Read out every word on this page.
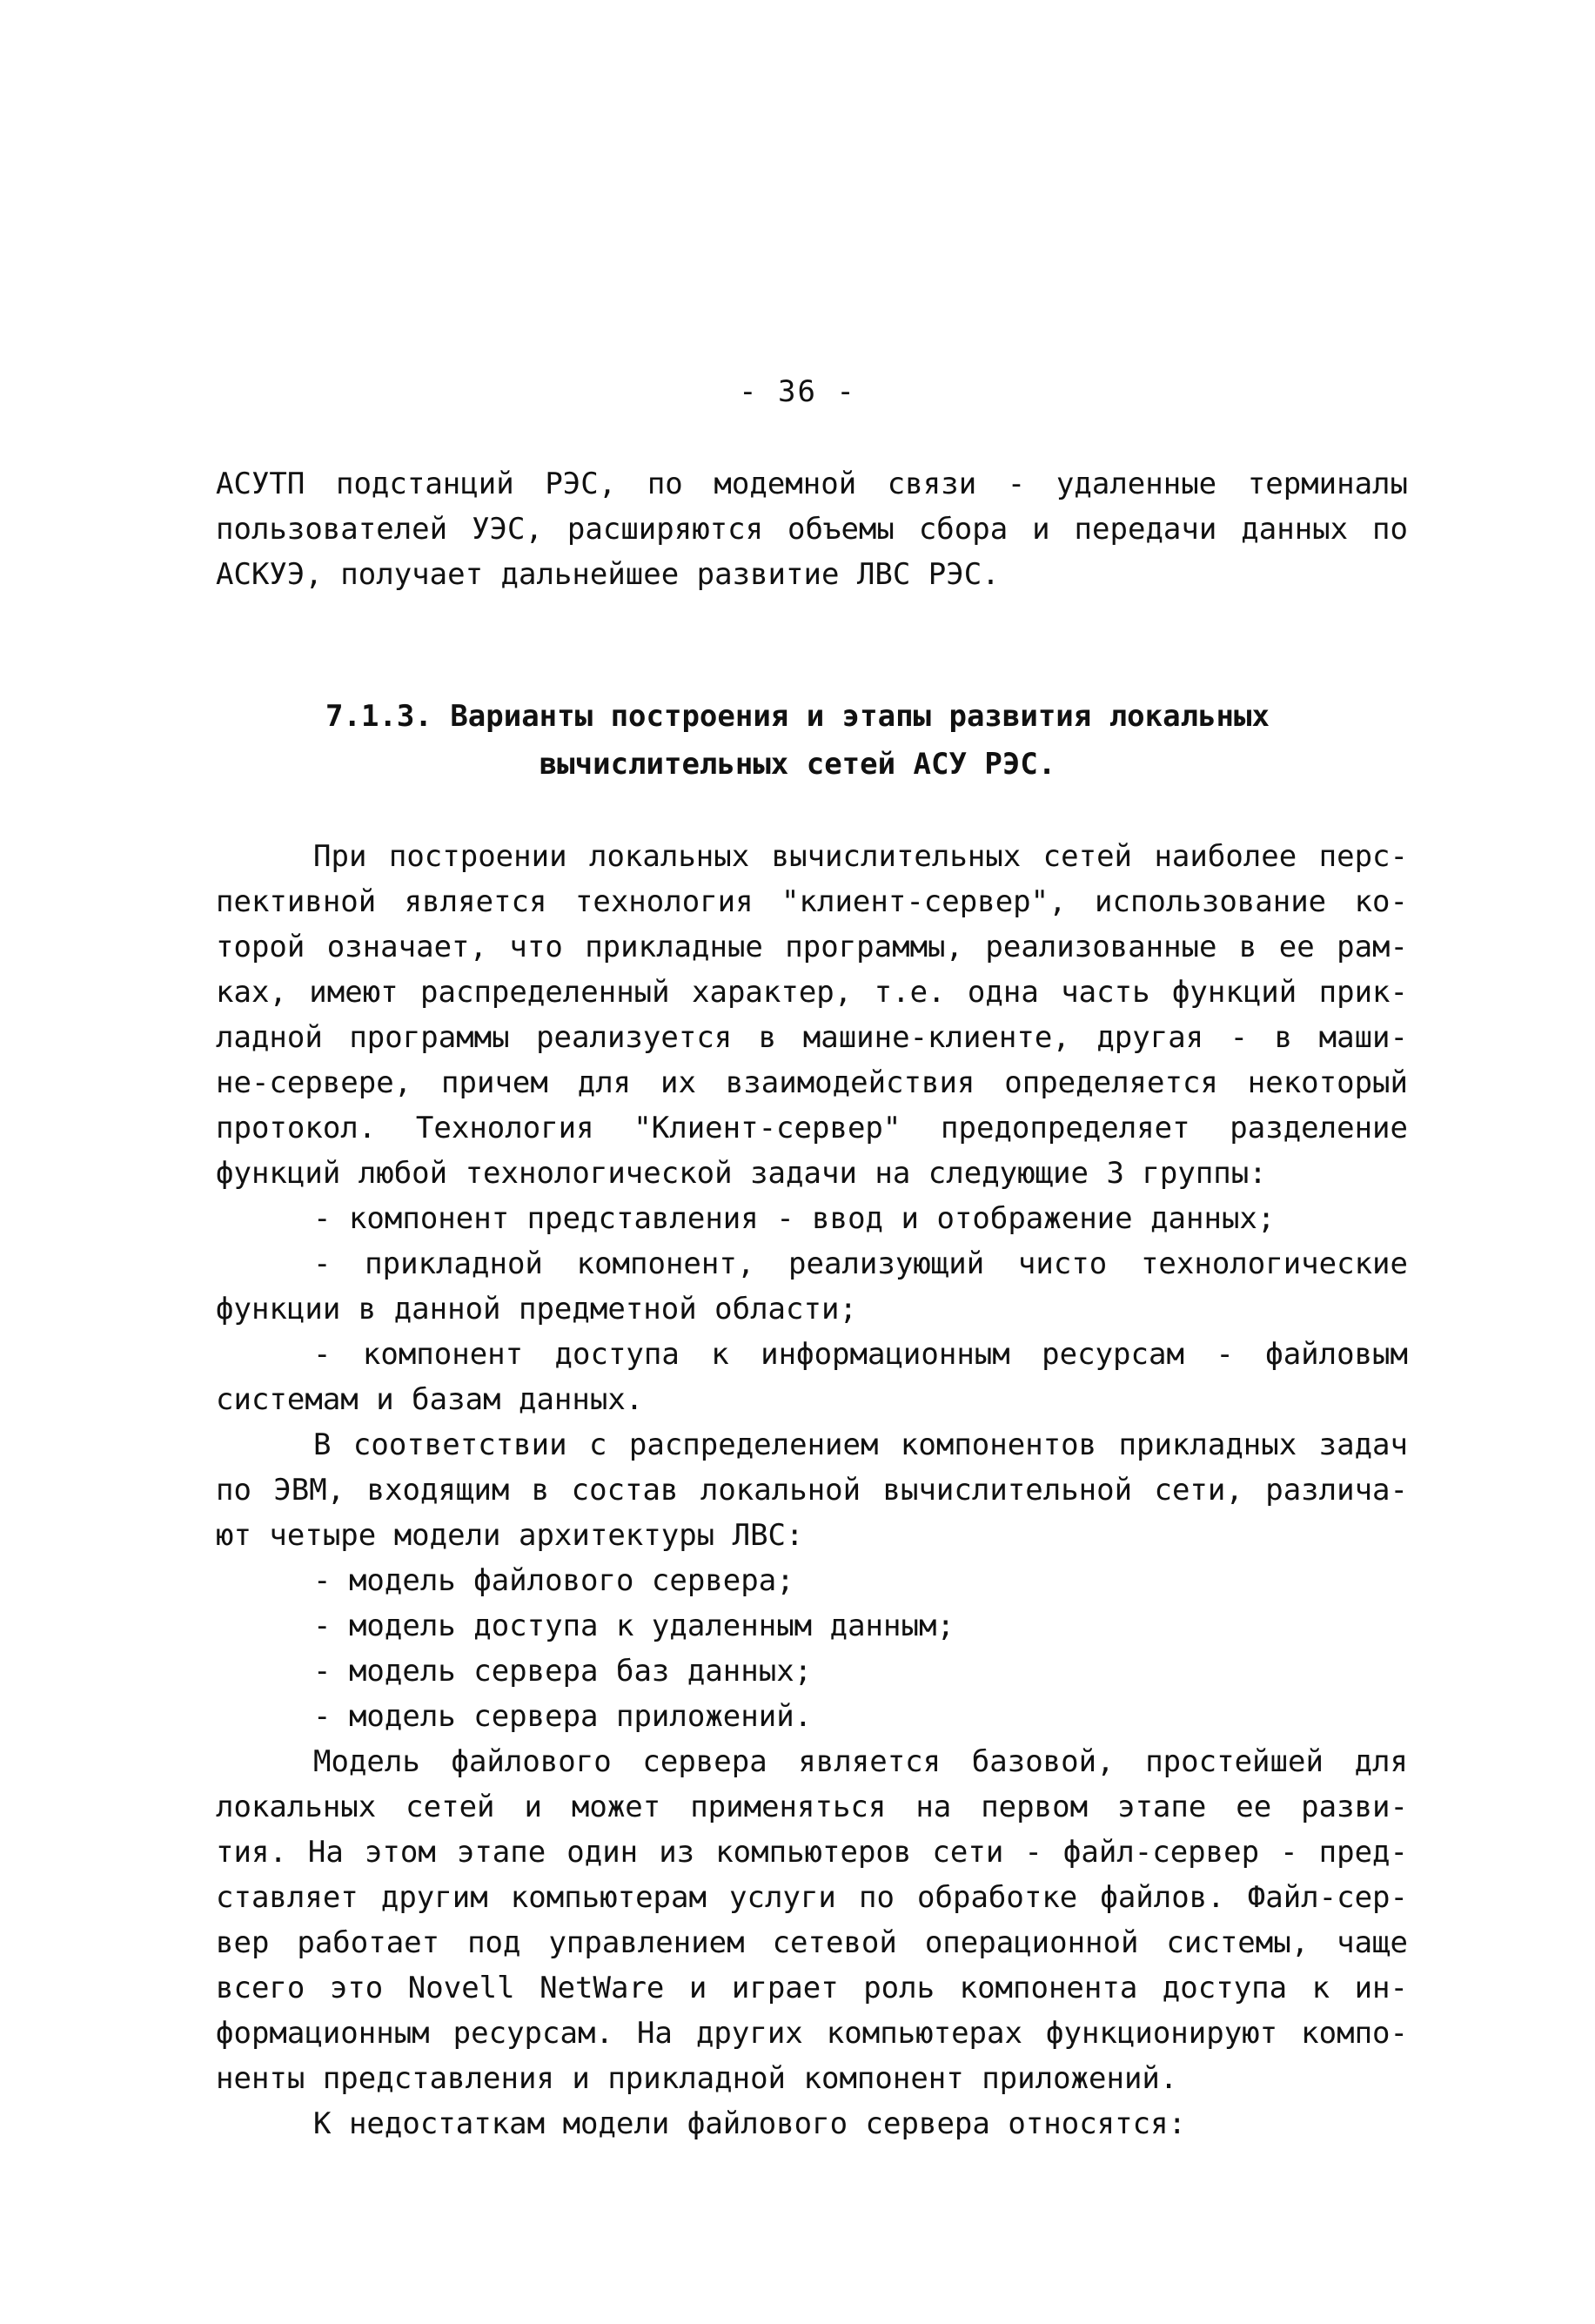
- 36 -
АСУТП подстанций РЭС, по модемной связи - удаленные терминалы
пользователей УЭС, расширяются объемы сбора и передачи данных по
АСКУЭ, получает дальнейшее развитие ЛВС РЭС.
7.1.3. Варианты построения и этапы развития локальных
вычислительных сетей АСУ РЭС.
При построении локальных вычислительных сетей наиболее перс-
пективной является технология "клиент-сервер", использование ко-
торой означает, что прикладные программы, реализованные в ее рам-
ках, имеют распределенный характер, т.е. одна часть функций прик-
ладной программы реализуется в машине-клиенте, другая - в маши-
не-сервере, причем для их взаимодействия определяется некоторый
протокол. Технология "Клиент-сервер" предопределяет разделение
функций любой технологической задачи на следующие 3 группы:
- компонент представления - ввод и отображение данных;
- прикладной компонент, реализующий чисто технологические
функции в данной предметной области;
- компонент доступа к информационным ресурсам - файловым
системам и базам данных.
В соответствии с распределением компонентов прикладных задач
по ЭВМ, входящим в состав локальной вычислительной сети, различа-
ют четыре модели архитектуры ЛВС:
- модель файлового сервера;
- модель доступа к удаленным данным;
- модель сервера баз данных;
- модель сервера приложений.
Модель файлового сервера является базовой, простейшей для
локальных сетей и может применяться на первом этапе ее разви-
тия. На этом этапе один из компьютеров сети - файл-сервер - пред-
ставляет другим компьютерам услуги по обработке файлов. Файл-сер-
вер работает под управлением сетевой операционной системы, чаще
всего это Novell NetWare и играет роль компонента доступа к ин-
формационным ресурсам. На других компьютерах функционируют компо-
ненты представления и прикладной компонент приложений.
К недостаткам модели файлового сервера относятся:
